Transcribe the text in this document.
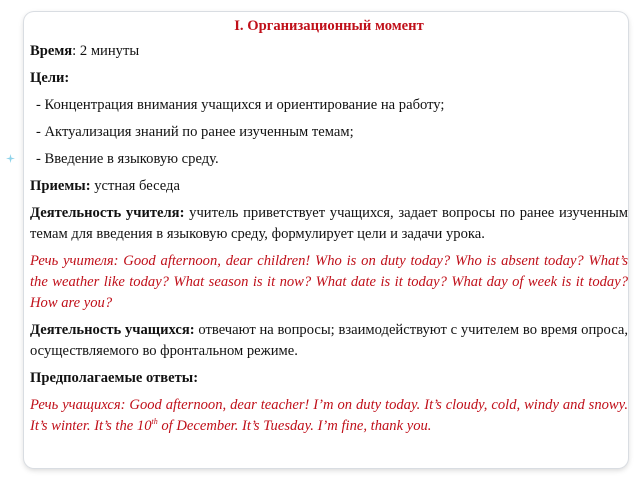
I. Организационный момент
Время: 2 минуты
Цели:
- Концентрация внимания учащихся и ориентирование на работу;
- Актуализация знаний по ранее изученным темам;
- Введение в языковую среду.
Приемы: устная беседа
Деятельность учителя: учитель приветствует учащихся, задает вопросы по ранее изученным темам для введения в языковую среду, формулирует цели и задачи урока.
Речь учителя: Good afternoon, dear children! Who is on duty today? Who is absent today? What’s the weather like today? What season is it now? What date is it today? What day of week is it today? How are you?
Деятельность учащихся: отвечают на вопросы; взаимодействуют с учителем во время опроса, осуществляемого во фронтальном режиме.
Предполагаемые ответы:
Речь учащихся: Good afternoon, dear teacher! I’m on duty today. It’s cloudy, cold, windy and snowy. It’s winter. It’s the 10th of December. It’s Tuesday. I’m fine, thank you.
